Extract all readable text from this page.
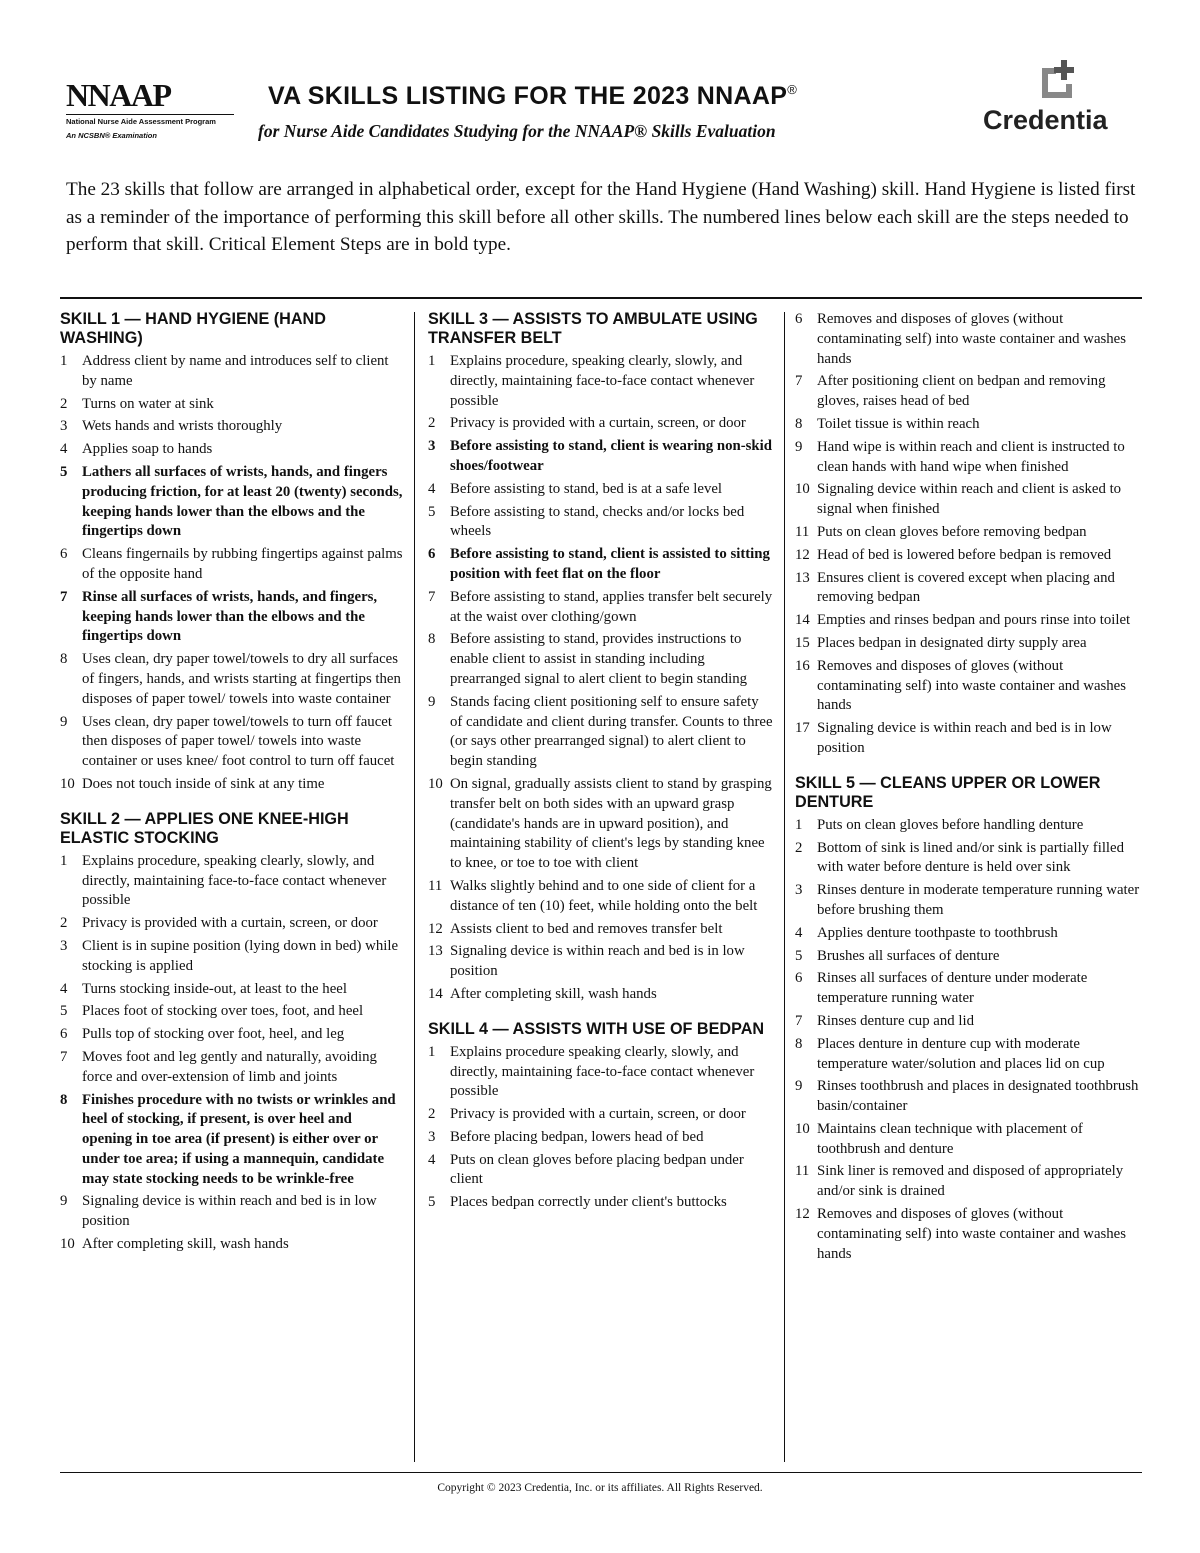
NNAAP
National Nurse Aide Assessment Program
An NCSBN® Examination
VA SKILLS LISTING FOR THE 2023 NNAAP®
for Nurse Aide Candidates Studying for the NNAAP® Skills Evaluation	Credentia
The 23 skills that follow are arranged in alphabetical order, except for the Hand Hygiene (Hand Washing) skill. Hand Hygiene is listed first as a reminder of the importance of performing this skill before all other skills. The numbered lines below each skill are the steps needed to perform that skill. Critical Element Steps are in bold type.
SKILL 1 — HAND HYGIENE (HAND WASHING)
1 Address client by name and introduces self to client by name
2 Turns on water at sink
3 Wets hands and wrists thoroughly
4 Applies soap to hands
5 Lathers all surfaces of wrists, hands, and fingers producing friction, for at least 20 (twenty) seconds, keeping hands lower than the elbows and the fingertips down
6 Cleans fingernails by rubbing fingertips against palms of the opposite hand
7 Rinse all surfaces of wrists, hands, and fingers, keeping hands lower than the elbows and the fingertips down
8 Uses clean, dry paper towel/towels to dry all surfaces of fingers, hands, and wrists starting at fingertips then disposes of paper towel/ towels into waste container
9 Uses clean, dry paper towel/towels to turn off faucet then disposes of paper towel/ towels into waste container or uses knee/ foot control to turn off faucet
10 Does not touch inside of sink at any time
SKILL 2 — APPLIES ONE KNEE-HIGH ELASTIC STOCKING
1 Explains procedure, speaking clearly, slowly, and directly, maintaining face-to-face contact whenever possible
2 Privacy is provided with a curtain, screen, or door
3 Client is in supine position (lying down in bed) while stocking is applied
4 Turns stocking inside-out, at least to the heel
5 Places foot of stocking over toes, foot, and heel
6 Pulls top of stocking over foot, heel, and leg
7 Moves foot and leg gently and naturally, avoiding force and over-extension of limb and joints
8 Finishes procedure with no twists or wrinkles and heel of stocking, if present, is over heel and opening in toe area (if present) is either over or under toe area; if using a mannequin, candidate may state stocking needs to be wrinkle-free
9 Signaling device is within reach and bed is in low position
10 After completing skill, wash hands
SKILL 3 — ASSISTS TO AMBULATE USING TRANSFER BELT
1 Explains procedure, speaking clearly, slowly, and directly, maintaining face-to-face contact whenever possible
2 Privacy is provided with a curtain, screen, or door
3 Before assisting to stand, client is wearing non-skid shoes/footwear
4 Before assisting to stand, bed is at a safe level
5 Before assisting to stand, checks and/or locks bed wheels
6 Before assisting to stand, client is assisted to sitting position with feet flat on the floor
7 Before assisting to stand, applies transfer belt securely at the waist over clothing/gown
8 Before assisting to stand, provides instructions to enable client to assist in standing including prearranged signal to alert client to begin standing
9 Stands facing client positioning self to ensure safety of candidate and client during transfer. Counts to three (or says other prearranged signal) to alert client to begin standing
10 On signal, gradually assists client to stand by grasping transfer belt on both sides with an upward grasp (candidate's hands are in upward position), and maintaining stability of client's legs by standing knee to knee, or toe to toe with client
11 Walks slightly behind and to one side of client for a distance of ten (10) feet, while holding onto the belt
12 Assists client to bed and removes transfer belt
13 Signaling device is within reach and bed is in low position
14 After completing skill, wash hands
SKILL 4 — ASSISTS WITH USE OF BEDPAN
1 Explains procedure speaking clearly, slowly, and directly, maintaining face-to-face contact whenever possible
2 Privacy is provided with a curtain, screen, or door
3 Before placing bedpan, lowers head of bed
4 Puts on clean gloves before placing bedpan under client
5 Places bedpan correctly under client's buttocks
6 Removes and disposes of gloves (without contaminating self) into waste container and washes hands
7 After positioning client on bedpan and removing gloves, raises head of bed
8 Toilet tissue is within reach
9 Hand wipe is within reach and client is instructed to clean hands with hand wipe when finished
10 Signaling device within reach and client is asked to signal when finished
11 Puts on clean gloves before removing bedpan
12 Head of bed is lowered before bedpan is removed
13 Ensures client is covered except when placing and removing bedpan
14 Empties and rinses bedpan and pours rinse into toilet
15 Places bedpan in designated dirty supply area
16 Removes and disposes of gloves (without contaminating self) into waste container and washes hands
17 Signaling device is within reach and bed is in low position
SKILL 5 — CLEANS UPPER OR LOWER DENTURE
1 Puts on clean gloves before handling denture
2 Bottom of sink is lined and/or sink is partially filled with water before denture is held over sink
3 Rinses denture in moderate temperature running water before brushing them
4 Applies denture toothpaste to toothbrush
5 Brushes all surfaces of denture
6 Rinses all surfaces of denture under moderate temperature running water
7 Rinses denture cup and lid
8 Places denture in denture cup with moderate temperature water/solution and places lid on cup
9 Rinses toothbrush and places in designated toothbrush basin/container
10 Maintains clean technique with placement of toothbrush and denture
11 Sink liner is removed and disposed of appropriately and/or sink is drained
12 Removes and disposes of gloves (without contaminating self) into waste container and washes hands
Copyright © 2023 Credentia, Inc. or its affiliates. All Rights Reserved.
